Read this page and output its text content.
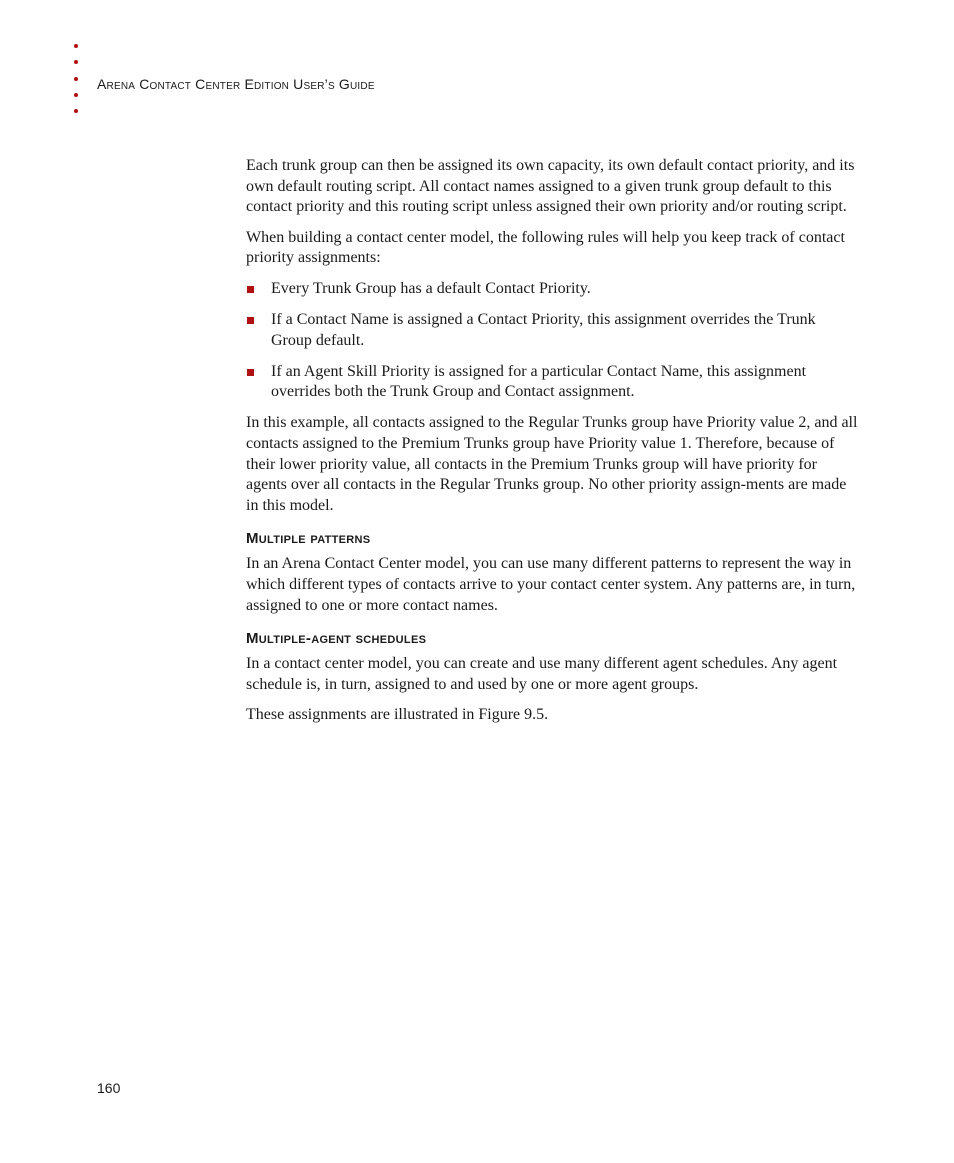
Arena Contact Center Edition User’s Guide

Each trunk group can then be assigned its own capacity, its own default contact priority, and its own default routing script. All contact names assigned to a given trunk group default to this contact priority and this routing script unless assigned their own priority and/or routing script.

When building a contact center model, the following rules will help you keep track of contact priority assignments:

Every Trunk Group has a default Contact Priority.
If a Contact Name is assigned a Contact Priority, this assignment overrides the Trunk Group default.
If an Agent Skill Priority is assigned for a particular Contact Name, this assignment overrides both the Trunk Group and Contact assignment.

In this example, all contacts assigned to the Regular Trunks group have Priority value 2, and all contacts assigned to the Premium Trunks group have Priority value 1. Therefore, because of their lower priority value, all contacts in the Premium Trunks group will have priority for agents over all contacts in the Regular Trunks group. No other priority assign-ments are made in this model.

Multiple patterns

In an Arena Contact Center model, you can use many different patterns to represent the way in which different types of contacts arrive to your contact center system. Any patterns are, in turn, assigned to one or more contact names.

Multiple-agent schedules

In a contact center model, you can create and use many different agent schedules. Any agent schedule is, in turn, assigned to and used by one or more agent groups.

These assignments are illustrated in Figure 9.5.

160
